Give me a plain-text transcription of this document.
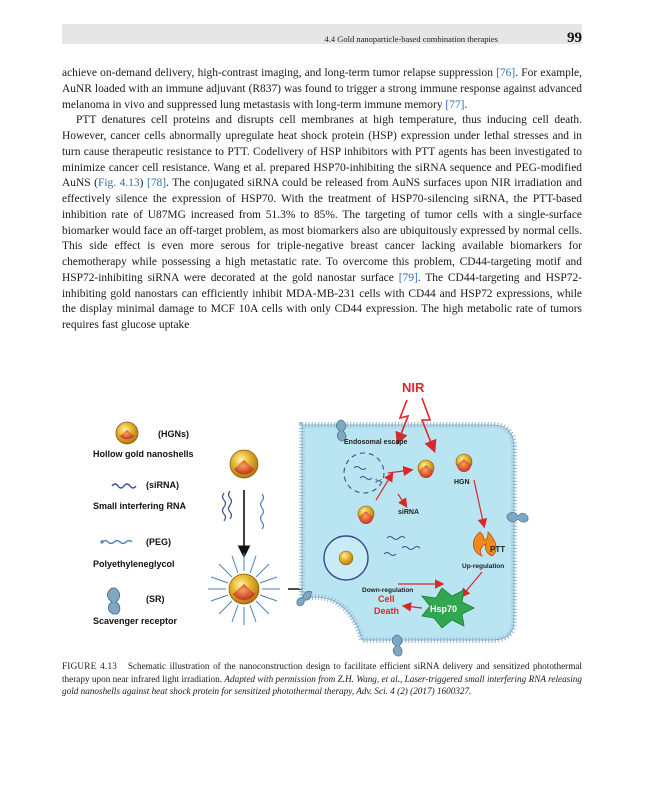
4.4 Gold nanoparticle-based combination therapies	99

achieve on-demand delivery, high-contrast imaging, and long-term tumor relapse suppression [76]. For example, AuNR loaded with an immune adjuvant (R837) was found to trigger a strong immune response against advanced melanoma in vivo and suppressed lung metastasis with long-term immune memory [77].

PTT denatures cell proteins and disrupts cell membranes at high temperature, thus inducing cell death. However, cancer cells abnormally upregulate heat shock protein (HSP) expression under lethal stresses and in turn cause therapeutic resistance to PTT. Codelivery of HSP inhibitors with PTT agents has been investigated to minimize cancer cell resistance. Wang et al. prepared HSP70-inhibiting the siRNA sequence and PEG-modified AuNS (Fig. 4.13) [78]. The conjugated siRNA could be released from AuNS surfaces upon NIR irradiation and effectively silence the expression of HSP70. With the treatment of HSP70-silencing siRNA, the PTT-based inhibition rate of U87MG increased from 51.3% to 85%. The targeting of tumor cells with a single-surface biomarker would face an off-target problem, as most biomarkers also are ubiquitously expressed by normal cells. This side effect is even more serous for triple-negative breast cancer lacking available biomarkers for chemotherapy while possessing a high metastatic rate. To overcome this problem, CD44-targeting motif and HSP72-inhibiting siRNA were decorated at the gold nanostar surface [79]. The CD44-targeting and HSP72-inhibiting gold nanostars can efficiently inhibit MDA-MB-231 cells with CD44 and HSP72 expressions, while the display minimal damage to MCF 10A cells with only CD44 expression. The high metabolic rate of tumors requires fast glucose uptake

(HGNs)
Hollow gold nanoshells
(siRNA)
Small interfering RNA
(PEG)
Polyethyleneglycol
(SR)
Scavenger receptor
NIR
Endosomal escape
✂	HGN
siRNA
Down-regulation
PTT
Up-regulation
Hsp70
Cell
Death
FIGURE 4.13 Schematic illustration of the nanoconstruction design to facilitate efficient siRNA delivery and sensitized photothermal therapy upon near infrared light irradiation. Adapted with permission from Z.H. Wang, et al., Laser-triggered small interfering RNA releasing gold nanoshells against heat shock protein for sensitized photothermal therapy, Adv. Sci. 4 (2) (2017) 1600327.
